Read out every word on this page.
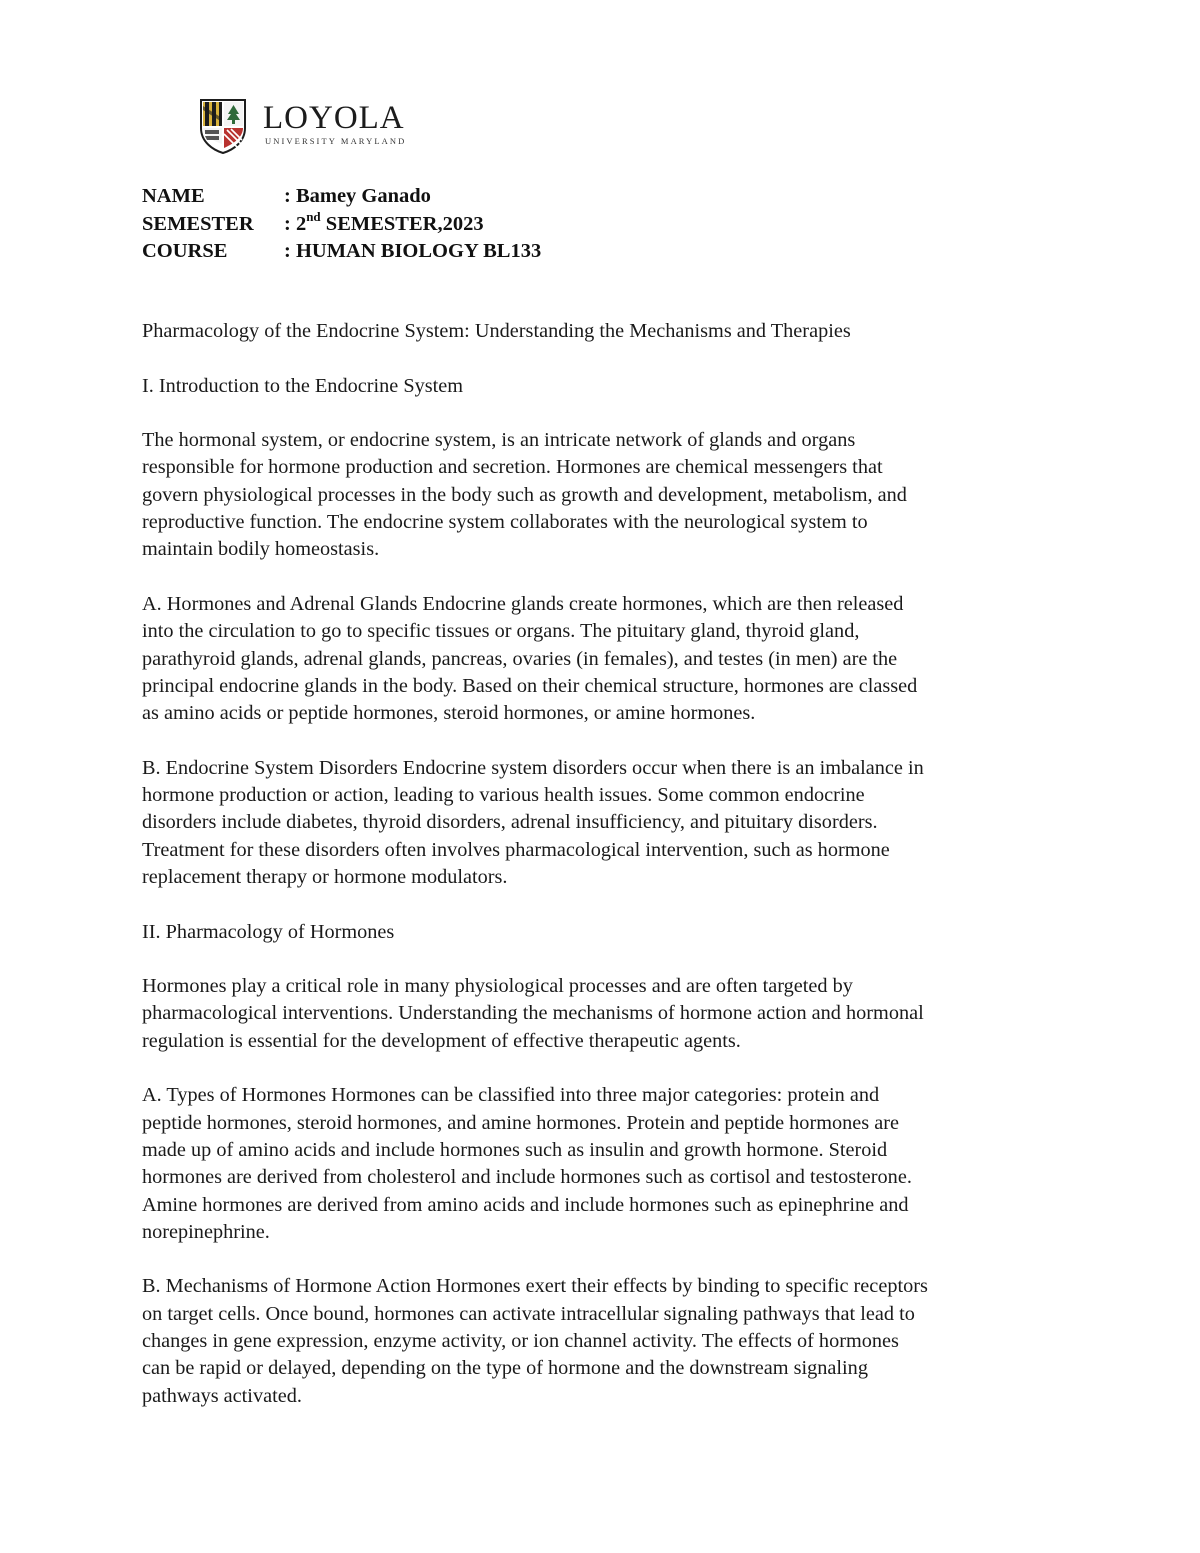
LOYOLA
UNIVERSITY MARYLAND
NAME	: Bamey Ganado
SEMESTER	: 2nd SEMESTER,2023
COURSE	: HUMAN BIOLOGY BL133

Pharmacology of the Endocrine System: Understanding the Mechanisms and Therapies

I. Introduction to the Endocrine System

The hormonal system, or endocrine system, is an intricate network of glands and organs
responsible for hormone production and secretion. Hormones are chemical messengers that
govern physiological processes in the body such as growth and development, metabolism, and
reproductive function. The endocrine system collaborates with the neurological system to
maintain bodily homeostasis.

A. Hormones and Adrenal Glands Endocrine glands create hormones, which are then released
into the circulation to go to specific tissues or organs. The pituitary gland, thyroid gland,
parathyroid glands, adrenal glands, pancreas, ovaries (in females), and testes (in men) are the
principal endocrine glands in the body. Based on their chemical structure, hormones are classed
as amino acids or peptide hormones, steroid hormones, or amine hormones.

B. Endocrine System Disorders Endocrine system disorders occur when there is an imbalance in
hormone production or action, leading to various health issues. Some common endocrine
disorders include diabetes, thyroid disorders, adrenal insufficiency, and pituitary disorders.
Treatment for these disorders often involves pharmacological intervention, such as hormone
replacement therapy or hormone modulators.

II. Pharmacology of Hormones

Hormones play a critical role in many physiological processes and are often targeted by
pharmacological interventions. Understanding the mechanisms of hormone action and hormonal
regulation is essential for the development of effective therapeutic agents.

A. Types of Hormones Hormones can be classified into three major categories: protein and
peptide hormones, steroid hormones, and amine hormones. Protein and peptide hormones are
made up of amino acids and include hormones such as insulin and growth hormone. Steroid
hormones are derived from cholesterol and include hormones such as cortisol and testosterone.
Amine hormones are derived from amino acids and include hormones such as epinephrine and
norepinephrine.

B. Mechanisms of Hormone Action Hormones exert their effects by binding to specific receptors
on target cells. Once bound, hormones can activate intracellular signaling pathways that lead to
changes in gene expression, enzyme activity, or ion channel activity. The effects of hormones
can be rapid or delayed, depending on the type of hormone and the downstream signaling
pathways activated.
